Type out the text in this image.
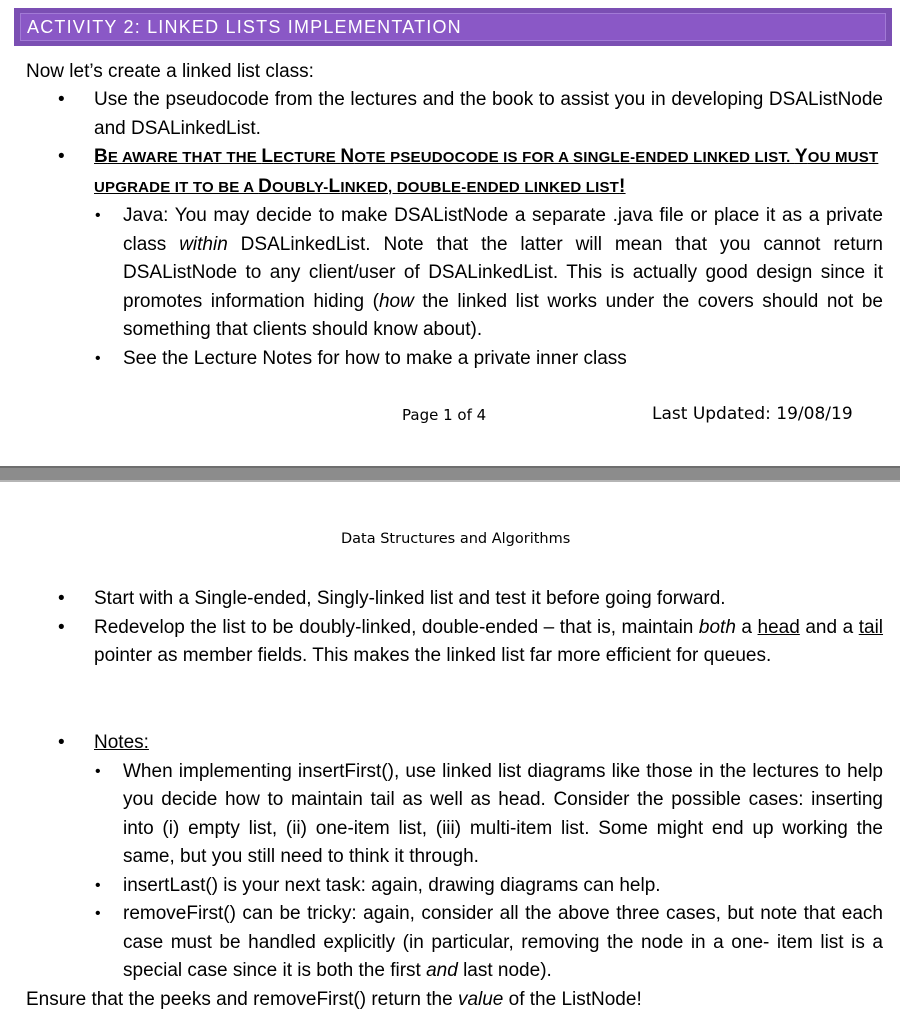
ACTIVITY 2: LINKED LISTS IMPLEMENTATION
Now let’s create a linked list class:
• Use the pseudocode from the lectures and the book to assist you in developing DSAListNode and DSALinkedList.
• BE AWARE THAT THE LECTURE NOTE PSEUDOCODE IS FOR A SINGLE-ENDED LINKED LIST. YOU MUST UPGRADE IT TO BE A DOUBLY-LINKED, DOUBLE-ENDED LINKED LIST!
• Java: You may decide to make DSAListNode a separate .java file or place it as a private class within DSALinkedList. Note that the latter will mean that you cannot return DSAListNode to any client/user of DSALinkedList. This is actually good design since it promotes information hiding (how the linked list works under the covers should not be something that clients should know about).
• See the Lecture Notes for how to make a private inner class
Page 1 of 4	Last Updated: 19/08/19
Data Structures and Algorithms
• Start with a Single-ended, Singly-linked list and test it before going forward.
• Redevelop the list to be doubly-linked, double-ended – that is, maintain both a head and a tail pointer as member fields. This makes the linked list far more efficient for queues.
• Notes:
• When implementing insertFirst(), use linked list diagrams like those in the lectures to help you decide how to maintain tail as well as head. Consider the possible cases: inserting into (i) empty list, (ii) one-item list, (iii) multi-item list. Some might end up working the same, but you still need to think it through.
• insertLast() is your next task: again, drawing diagrams can help.
• removeFirst() can be tricky: again, consider all the above three cases, but note that each case must be handled explicitly (in particular, removing the node in a one- item list is a special case since it is both the first and last node).
Ensure that the peeks and removeFirst() return the value of the ListNode!
